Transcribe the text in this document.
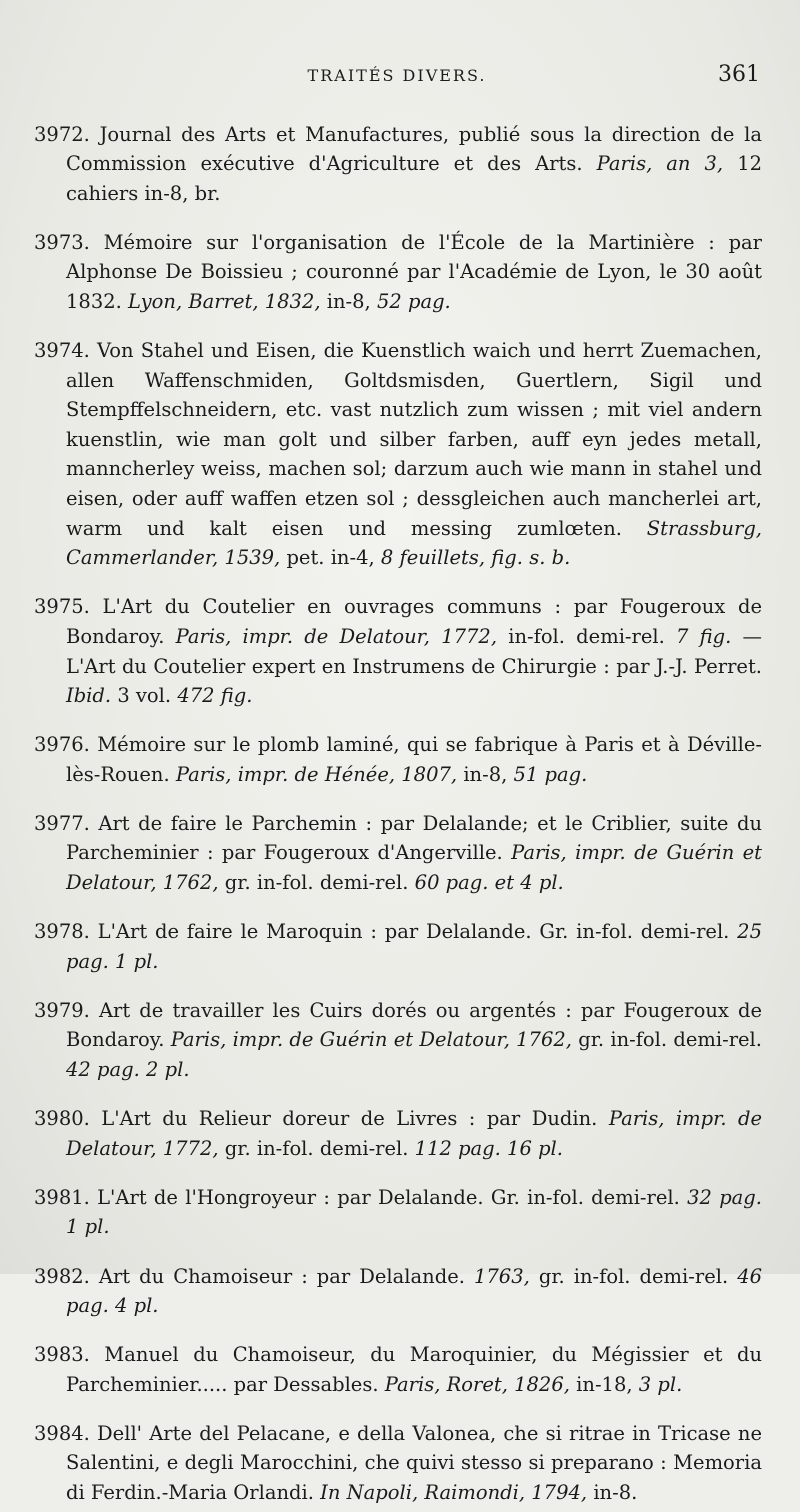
TRAITÉS DIVERS.	361

3972. Journal des Arts et Manufactures, publié sous la direction de la Commission exécutive d'Agriculture et des Arts. Paris, an 3, 12 cahiers in-8, br.

3973. Mémoire sur l'organisation de l'École de la Martinière : par Alphonse De Boissieu ; couronné par l'Académie de Lyon, le 30 août 1832. Lyon, Barret, 1832, in-8, 52 pag.

3974. Von Stahel und Eisen, die Kuenstlich waich und herrt Zuemachen, allen Waffenschmiden, Goltdsmisden, Guertlern, Sigil und Stempffelschneidern, etc. vast nutzlich zum wissen ; mit viel andern kuenstlin, wie man golt und silber farben, auff eyn jedes metall, manncherley weiss, machen sol; darzum auch wie mann in stahel und eisen, oder auff waffen etzen sol ; dessgleichen auch mancherlei art, warm und kalt eisen und messing zumlœten. Strassburg, Cammerlander, 1539, pet. in-4, 8 feuillets, fig. s. b.

3975. L'Art du Coutelier en ouvrages communs : par Fougeroux de Bondaroy. Paris, impr. de Delatour, 1772, in-fol. demi-rel. 7 fig. — L'Art du Coutelier expert en Instrumens de Chirurgie : par J.-J. Perret. Ibid. 3 vol. 472 fig.

3976. Mémoire sur le plomb laminé, qui se fabrique à Paris et à Déville-lès-Rouen. Paris, impr. de Hénée, 1807, in-8, 51 pag.

3977. Art de faire le Parchemin : par Delalande; et le Criblier, suite du Parcheminier : par Fougeroux d'Angerville. Paris, impr. de Guérin et Delatour, 1762, gr. in-fol. demi-rel. 60 pag. et 4 pl.

3978. L'Art de faire le Maroquin : par Delalande. Gr. in-fol. demi-rel. 25 pag. 1 pl.

3979. Art de travailler les Cuirs dorés ou argentés : par Fougeroux de Bondaroy. Paris, impr. de Guérin et Delatour, 1762, gr. in-fol. demi-rel. 42 pag. 2 pl.

3980. L'Art du Relieur doreur de Livres : par Dudin. Paris, impr. de Delatour, 1772, gr. in-fol. demi-rel. 112 pag. 16 pl.

3981. L'Art de l'Hongroyeur : par Delalande. Gr. in-fol. demi-rel. 32 pag. 1 pl.

3982. Art du Chamoiseur : par Delalande. 1763, gr. in-fol. demi-rel. 46 pag. 4 pl.

3983. Manuel du Chamoiseur, du Maroquinier, du Mégissier et du Parcheminier..... par Dessables. Paris, Roret, 1826, in-18, 3 pl.

3984. Dell' Arte del Pelacane, e della Valonea, che si ritrae in Tricase ne Salentini, e degli Marocchini, che quivi stesso si preparano : Memoria di Ferdin.-Maria Orlandi. In Napoli, Raimondi, 1794, in-8.
